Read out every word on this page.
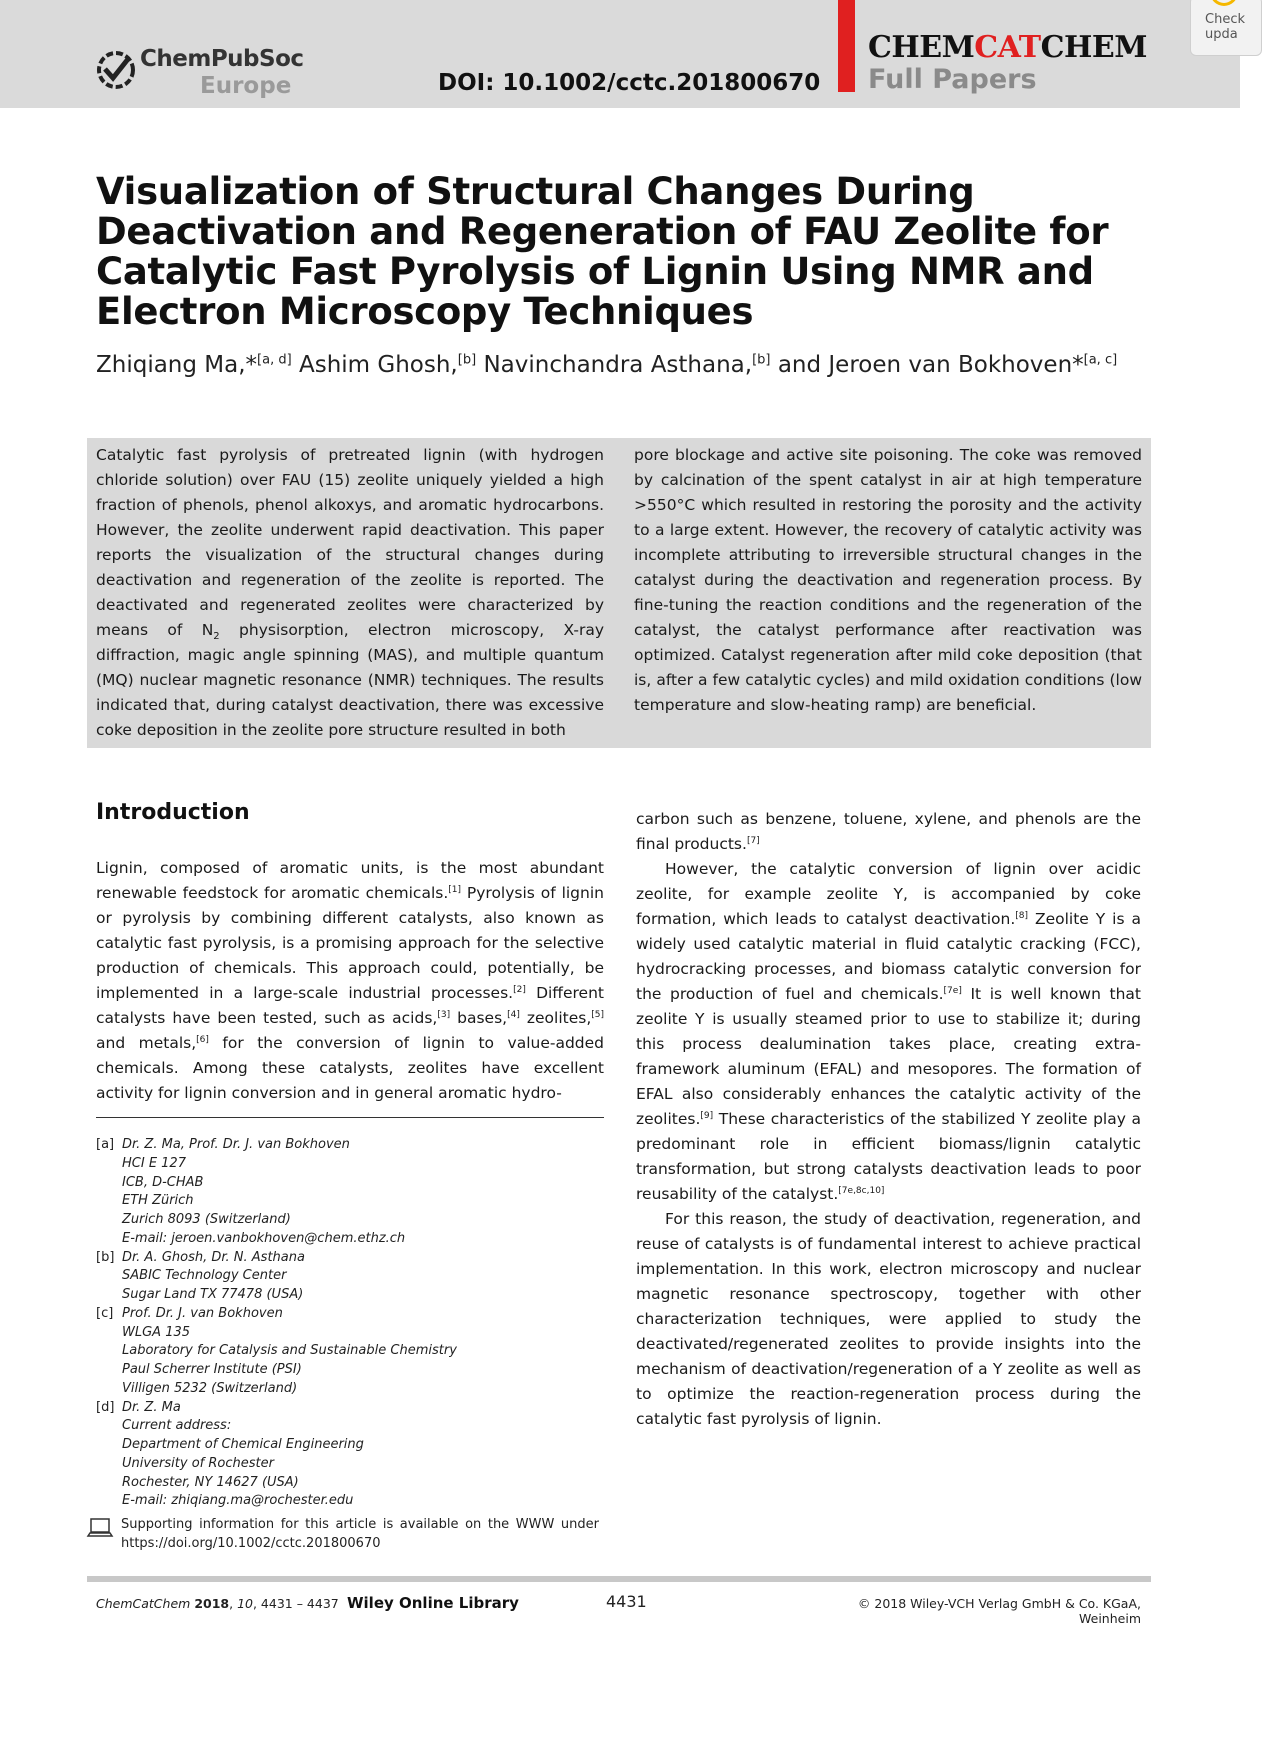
ChemPubSoc
Europe	DOI: 10.1002/cctc.201800670
CHEMCATCHEM
Full Papers
Check
upda
Visualization of Structural Changes During Deactivation and Regeneration of FAU Zeolite for Catalytic Fast Pyrolysis of Lignin Using NMR and Electron Microscopy Techniques
Zhiqiang Ma,*[a, d] Ashim Ghosh,[b] Navinchandra Asthana,[b] and Jeroen van Bokhoven*[a, c]

Catalytic fast pyrolysis of pretreated lignin (with hydrogen chloride solution) over FAU (15) zeolite uniquely yielded a high fraction of phenols, phenol alkoxys, and aromatic hydrocarbons. However, the zeolite underwent rapid deactivation. This paper reports the visualization of the structural changes during deactivation and regeneration of the zeolite is reported. The deactivated and regenerated zeolites were characterized by means of $N_2$ physisorption, electron microscopy, X-ray diffraction, magic angle spinning (MAS), and multiple quantum (MQ) nuclear magnetic resonance (NMR) techniques. The results indicated that, during catalyst deactivation, there was excessive coke deposition in the zeolite pore structure resulted in both

pore blockage and active site poisoning. The coke was removed by calcination of the spent catalyst in air at high temperature >550°C which resulted in restoring the porosity and the activity to a large extent. However, the recovery of catalytic activity was incomplete attributing to irreversible structural changes in the catalyst during the deactivation and regeneration process. By fine-tuning the reaction conditions and the regeneration of the catalyst, the catalyst performance after reactivation was optimized. Catalyst regeneration after mild coke deposition (that is, after a few catalytic cycles) and mild oxidation conditions (low temperature and slow-heating ramp) are beneficial.

Introduction

Lignin, composed of aromatic units, is the most abundant renewable feedstock for aromatic chemicals.[1] Pyrolysis of lignin or pyrolysis by combining different catalysts, also known as catalytic fast pyrolysis, is a promising approach for the selective production of chemicals. This approach could, potentially, be implemented in a large-scale industrial processes.[2] Different catalysts have been tested, such as acids,[3] bases,[4] zeolites,[5] and metals,[6] for the conversion of lignin to value-added chemicals. Among these catalysts, zeolites have excellent activity for lignin conversion and in general aromatic hydro-

[a] Dr. Z. Ma, Prof. Dr. J. van Bokhoven
HCI E 127
ICB, D-CHAB
ETH Zürich
Zurich 8093 (Switzerland)
E-mail: jeroen.vanbokhoven@chem.ethz.ch
[b] Dr. A. Ghosh, Dr. N. Asthana
SABIC Technology Center
Sugar Land TX 77478 (USA)
[c] Prof. Dr. J. van Bokhoven
WLGA 135
Laboratory for Catalysis and Sustainable Chemistry
Paul Scherrer Institute (PSI)
Villigen 5232 (Switzerland)
[d] Dr. Z. Ma
Current address:
Department of Chemical Engineering
University of Rochester
Rochester, NY 14627 (USA)
E-mail: zhiqiang.ma@rochester.edu
Supporting information for this article is available on the WWW under https://doi.org/10.1002/cctc.201800670

carbon such as benzene, toluene, xylene, and phenols are the final products.[7]

However, the catalytic conversion of lignin over acidic zeolite, for example zeolite Y, is accompanied by coke formation, which leads to catalyst deactivation.[8] Zeolite Y is a widely used catalytic material in fluid catalytic cracking (FCC), hydrocracking processes, and biomass catalytic conversion for the production of fuel and chemicals.[7e] It is well known that zeolite Y is usually steamed prior to use to stabilize it; during this process dealumination takes place, creating extra-framework aluminum (EFAL) and mesopores. The formation of EFAL also considerably enhances the catalytic activity of the zeolites.[9] These characteristics of the stabilized Y zeolite play a predominant role in efficient biomass/lignin catalytic transformation, but strong catalysts deactivation leads to poor reusability of the catalyst.[7e,8c,10]

For this reason, the study of deactivation, regeneration, and reuse of catalysts is of fundamental interest to achieve practical implementation. In this work, electron microscopy and nuclear magnetic resonance spectroscopy, together with other characterization techniques, were applied to study the deactivated/regenerated zeolites to provide insights into the mechanism of deactivation/regeneration of a Y zeolite as well as to optimize the reaction-regeneration process during the catalytic fast pyrolysis of lignin.

ChemCatChem 2018, 10, 4431 – 4437 Wiley Online Library	4431	© 2018 Wiley-VCH Verlag GmbH & Co. KGaA, Weinheim
